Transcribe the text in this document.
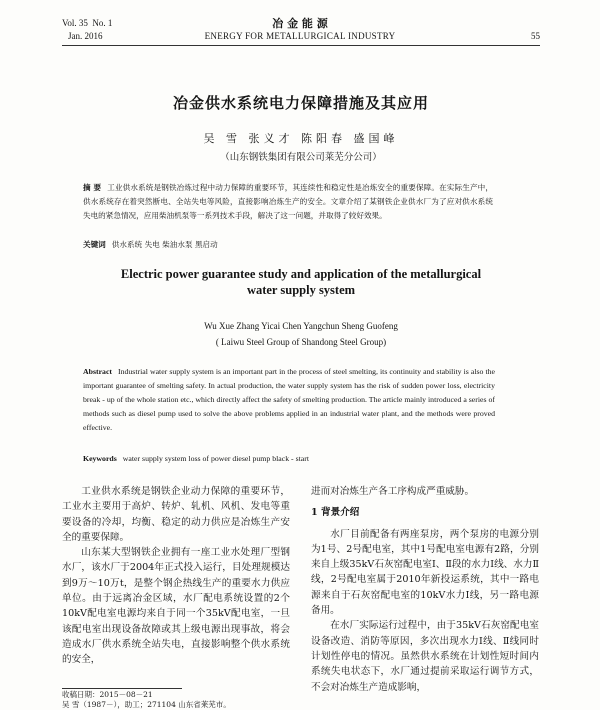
Vol. 35 No. 1
Jan. 2016
冶 金 能 源
ENERGY FOR METALLURGICAL INDUSTRY	55
冶金供水系统电力保障措施及其应用
吴 雪 张义才 陈阳春 盛国峰
（山东钢铁集团有限公司莱芜分公司）
摘 要 工业供水系统是钢铁冶炼过程中动力保障的重要环节，其连续性和稳定性是冶炼安全的重要保障。在实际生产中，供水系统存在着突然断电、全站失电等风险，直接影响冶炼生产的安全。文章介绍了某钢铁企业供水厂为了应对供水系统失电的紧急情况，应用柴油机泵等一系列技术手段，解决了这一问题，并取得了较好效果。
关键词 供水系统 失电 柴油水泵 黑启动
Electric power guarantee study and application of the metallurgical water supply system
Wu Xue Zhang Yicai Chen Yangchun Sheng Guofeng
( Laiwu Steel Group of Shandong Steel Group)
Abstract Industrial water supply system is an important part in the process of steel smelting, its continuity and stability is also the important guarantee of smelting safety. In actual production, the water supply system has the risk of sudden power loss, electricity break - up of the whole station etc., which directly affect the safety of smelting production. The article mainly introduced a series of methods such as diesel pump used to solve the above problems applied in an industrial water plant, and the methods were proved effective.
Keywords water supply system loss of power diesel pump black - start

工业供水系统是钢铁企业动力保障的重要环节，工业水主要用于高炉、转炉、轧机、风机、发电等重要设备的冷却，均衡、稳定的动力供应是冶炼生产安全的重要保障。

山东某大型钢铁企业拥有一座工业水处理厂型钢水厂，该水厂于2004年正式投入运行，目处理规模达到9万～10万t，是整个钢企热线生产的重要水力供应单位。由于远离冶金区域，水厂配电系统设置的2个10kV配电室电源均来自于同一个35kV配电室，一旦该配电室出现设备故障或其上级电源出现事故，将会造成水厂供水系统全站失电，直接影响整个供水系统的安全，

进而对冶炼生产各工序构成严重威胁。

1 背景介绍

水厂目前配备有两座泵房，两个泵房的电源分别为1号、2号配电室，其中1号配电室电源有2路，分别来自上级35kV石灰窑配电室Ⅰ、Ⅱ段的水力Ⅰ线、水力Ⅱ线，2号配电室属于2010年新投运系统，其中一路电源来自于石灰窑配电室的10kV水力Ⅰ线，另一路电源备用。

在水厂实际运行过程中，由于35kV石灰窑配电室设备改造、消防等原因，多次出现水力Ⅰ线、Ⅱ线同时计划性停电的情况。虽然供水系统在计划性短时间内系统失电状态下，水厂通过提前采取运行调节方式，不会对冶炼生产造成影响，

收稿日期：2015－08－21
吴 雪（1987－），助工；271104 山东省莱芜市。
